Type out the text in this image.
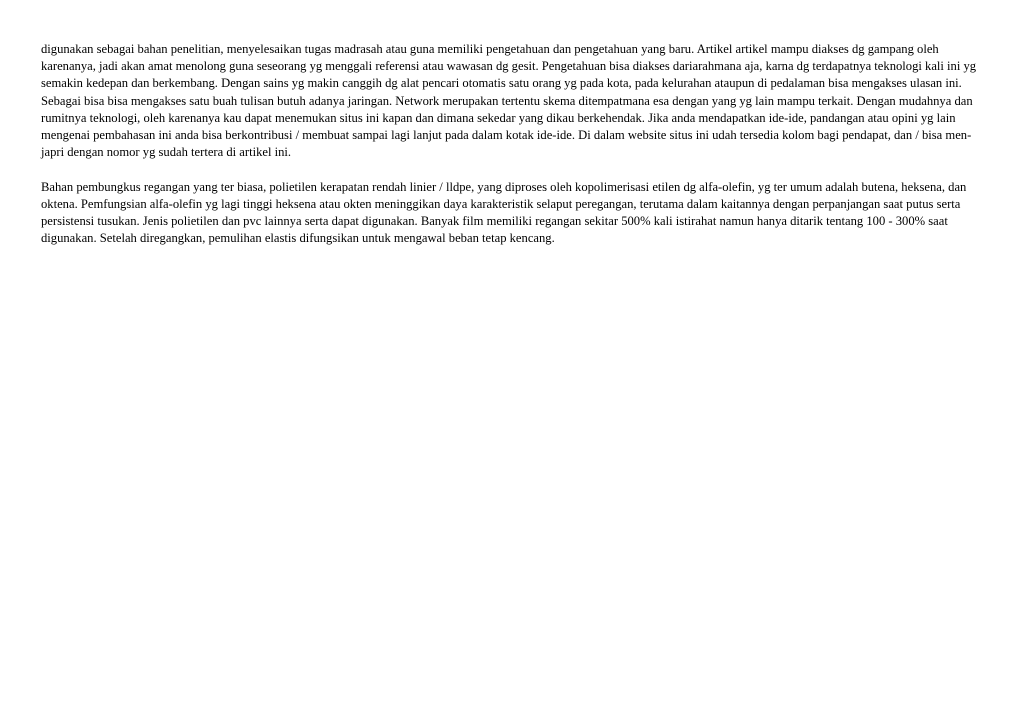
digunakan sebagai bahan penelitian, menyelesaikan tugas madrasah atau guna memiliki pengetahuan dan pengetahuan yang baru. Artikel artikel mampu diakses dg gampang oleh karenanya, jadi akan amat menolong guna seseorang yg menggali referensi atau wawasan dg gesit. Pengetahuan bisa diakses dariarahmana aja, karna dg terdapatnya teknologi kali ini yg semakin kedepan dan berkembang. Dengan sains yg makin canggih dg alat pencari otomatis satu orang yg pada kota, pada kelurahan ataupun di pedalaman bisa mengakses ulasan ini. Sebagai bisa bisa mengakses satu buah tulisan butuh adanya jaringan. Network merupakan tertentu skema ditempatmana esa dengan yang yg lain mampu terkait. Dengan mudahnya dan rumitnya teknologi, oleh karenanya kau dapat menemukan situs ini kapan dan dimana sekedar yang dikau berkehendak. Jika anda mendapatkan ide-ide, pandangan atau opini yg lain mengenai pembahasan ini anda bisa berkontribusi / membuat sampai lagi lanjut pada dalam kotak ide-ide. Di dalam website situs ini udah tersedia kolom bagi pendapat, dan / bisa men-japri dengan nomor yg sudah tertera di artikel ini.

Bahan pembungkus regangan yang ter biasa, polietilen kerapatan rendah linier / lldpe, yang diproses oleh kopolimerisasi etilen dg alfa-olefin, yg ter umum adalah butena, heksena, dan oktena. Pemfungsian alfa-olefin yg lagi tinggi heksena atau okten meninggikan daya karakteristik selaput peregangan, terutama dalam kaitannya dengan perpanjangan saat putus serta persistensi tusukan. Jenis polietilen dan pvc lainnya serta dapat digunakan. Banyak film memiliki regangan sekitar 500% kali istirahat namun hanya ditarik tentang 100 - 300% saat digunakan. Setelah diregangkan, pemulihan elastis difungsikan untuk mengawal beban tetap kencang.
